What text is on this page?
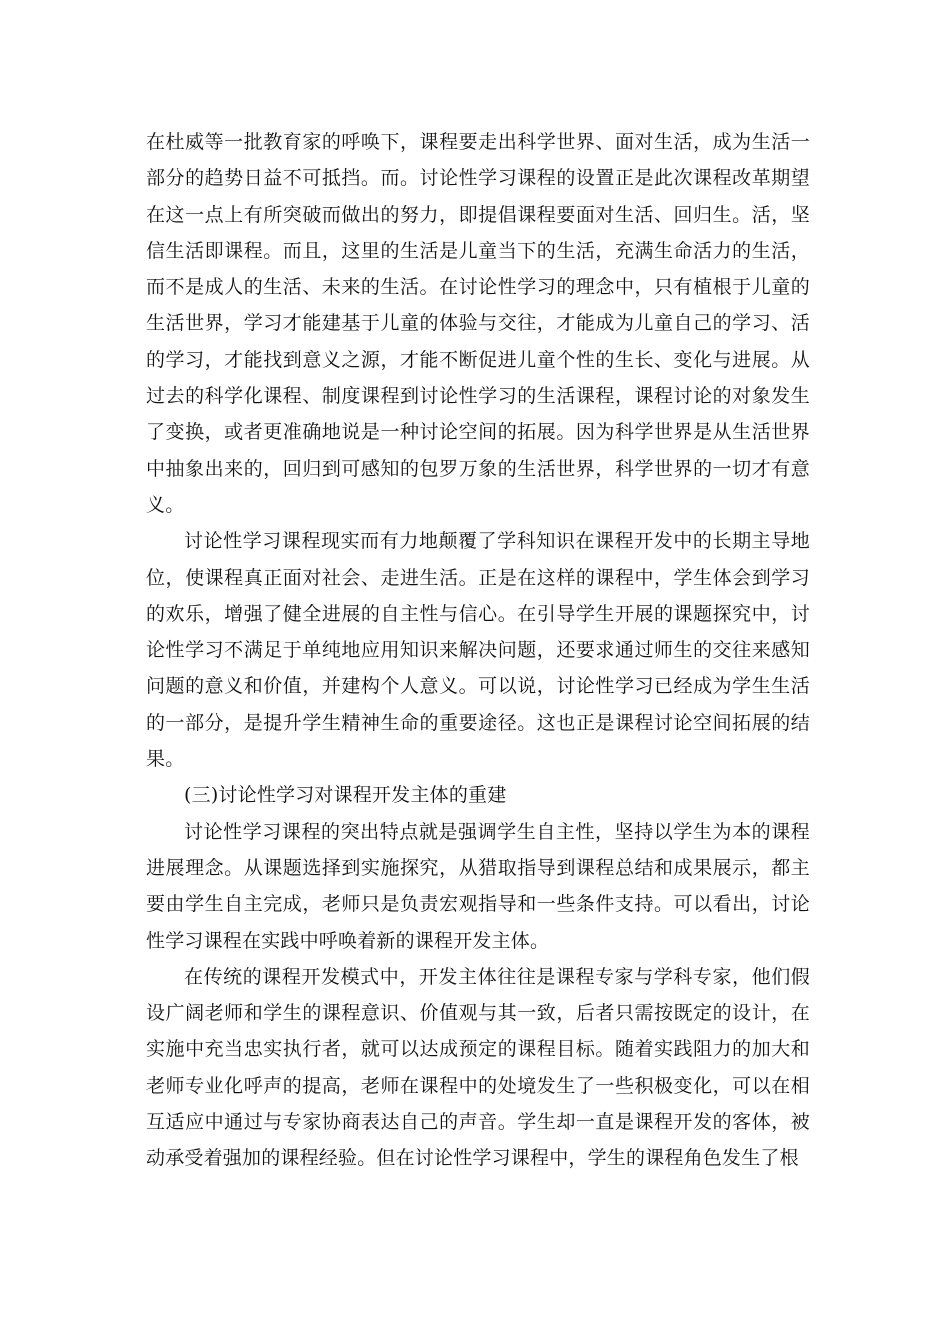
在杜威等一批教育家的呼唤下，课程要走出科学世界、面对生活，成为生活一部分的趋势日益不可抵挡。而。讨论性学习课程的设置正是此次课程改革期望在这一点上有所突破而做出的努力，即提倡课程要面对生活、回归生。活，坚信生活即课程。而且，这里的生活是儿童当下的生活，充满生命活力的生活，而不是成人的生活、未来的生活。在讨论性学习的理念中，只有植根于儿童的生活世界，学习才能建基于儿童的体验与交往，才能成为儿童自己的学习、活的学习，才能找到意义之源，才能不断促进儿童个性的生长、变化与进展。从过去的科学化课程、制度课程到讨论性学习的生活课程，课程讨论的对象发生了变换，或者更准确地说是一种讨论空间的拓展。因为科学世界是从生活世界中抽象出来的，回归到可感知的包罗万象的生活世界，科学世界的一切才有意义。

讨论性学习课程现实而有力地颠覆了学科知识在课程开发中的长期主导地位，使课程真正面对社会、走进生活。正是在这样的课程中，学生体会到学习的欢乐，增强了健全进展的自主性与信心。在引导学生开展的课题探究中，讨论性学习不满足于单纯地应用知识来解决问题，还要求通过师生的交往来感知问题的意义和价值，并建构个人意义。可以说，讨论性学习已经成为学生生活的一部分，是提升学生精神生命的重要途径。这也正是课程讨论空间拓展的结果。

(三)讨论性学习对课程开发主体的重建

讨论性学习课程的突出特点就是强调学生自主性，坚持以学生为本的课程进展理念。从课题选择到实施探究，从猎取指导到课程总结和成果展示，都主要由学生自主完成，老师只是负责宏观指导和一些条件支持。可以看出，讨论性学习课程在实践中呼唤着新的课程开发主体。

在传统的课程开发模式中，开发主体往往是课程专家与学科专家，他们假设广阔老师和学生的课程意识、价值观与其一致，后者只需按既定的设计，在实施中充当忠实执行者，就可以达成预定的课程目标。随着实践阻力的加大和老师专业化呼声的提高，老师在课程中的处境发生了一些积极变化，可以在相互适应中通过与专家协商表达自己的声音。学生却一直是课程开发的客体，被动承受着强加的课程经验。但在讨论性学习课程中，学生的课程角色发生了根
